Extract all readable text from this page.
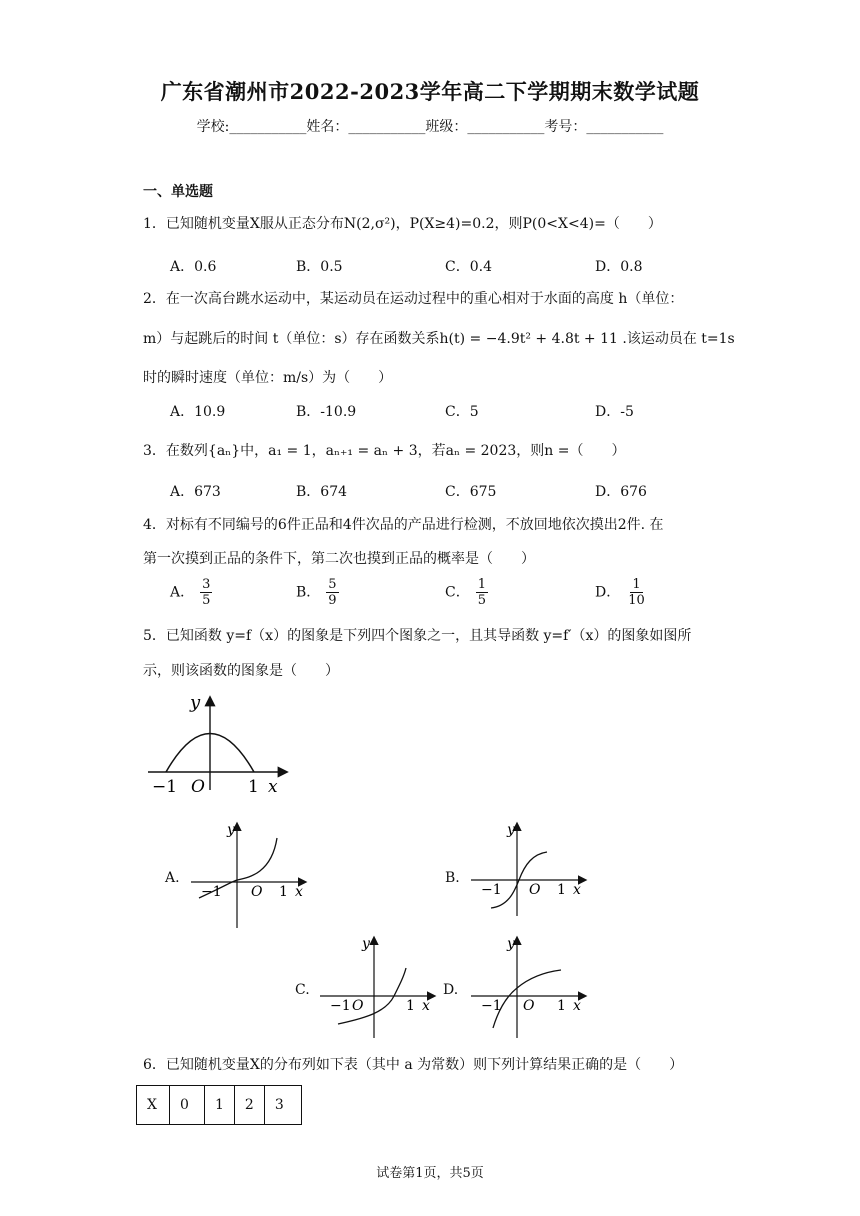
广东省潮州市2022-2023学年高二下学期期末数学试题
学校:___________姓名：___________班级：___________考号：___________
一、单选题
1．已知随机变量X服从正态分布N(2,σ²)，P(X≥4)=0.2，则P(0<X<4)=（　　）
A．0.6	B．0.5	C．0.4	D．0.8
2．在一次高台跳水运动中，某运动员在运动过程中的重心相对于水面的高度 h（单位：
m）与起跳后的时间 t（单位：s）存在函数关系h(t) = −4.9t² + 4.8t + 11 .该运动员在 t=1s
时的瞬时速度（单位：m/s）为（　　）
A．10.9	B．-10.9	C．5	D．-5
3．在数列{aₙ}中，a₁ = 1，aₙ₊₁ = aₙ + 3，若aₙ = 2023，则n =（　　）
A．673	B．674	C．675	D．676
4．对标有不同编号的6件正品和4件次品的产品进行检测，不放回地依次摸出2件. 在
第一次摸到正品的条件下，第二次也摸到正品的概率是（　　）
A． $\frac{3}{5}$	B． $\frac{5}{9}$	C． $\frac{1}{5}$	D． $\frac{1}{10}$
5．已知函数 y=f（x）的图象是下列四个图象之一，且其导函数 y=f′（x）的图象如图所
示，则该函数的图象是（　　）
y
−1 O	1 x
A.
y
−1 O 1 x
B.
y
−1 O 1 x
C.
y
−1 O	1 x
D.
y
−1 O 1 x
6．已知随机变量X的分布列如下表（其中 a 为常数）则下列计算结果正确的是（　　）
X	0	1	2	3
试卷第1页，共5页
